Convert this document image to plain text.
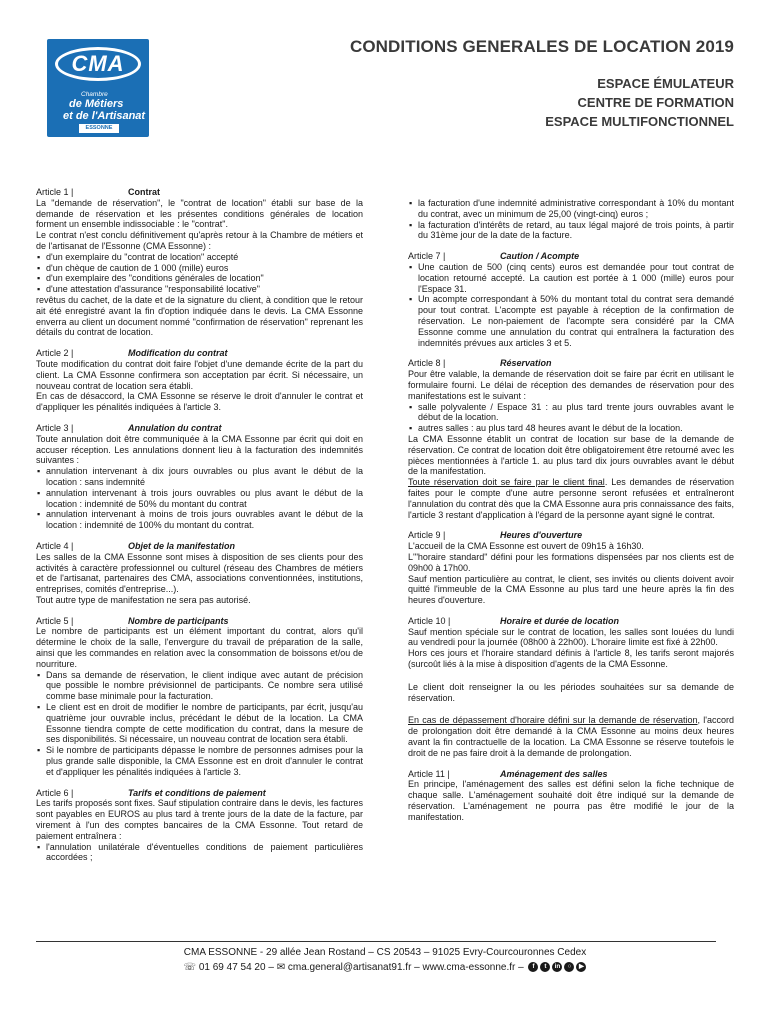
CMA
Chambre
de Métiers
et de l'Artisanat
ESSONNE
CONDITIONS GENERALES DE LOCATION 2019
ESPACE ÉMULATEUR
CENTRE DE FORMATION
ESPACE MULTIFONCTIONNEL
Article 1 |	Contrat
La "demande de réservation", le "contrat de location" établi sur base de la demande de réservation et les présentes conditions générales de location forment un ensemble indissociable : le "contrat".
Le contrat n'est conclu définitivement qu'après retour à la Chambre de métiers et de l'artisanat de l'Essonne (CMA Essonne) :
▪ d'un exemplaire du "contrat de location" accepté
▪ d'un chèque de caution de 1 000 (mille) euros
▪ d'un exemplaire des "conditions générales de location"
▪ d'une attestation d'assurance "responsabilité locative"
revêtus du cachet, de la date et de la signature du client, à condition que le retour ait été enregistré avant la fin d'option indiquée dans le devis. La CMA Essonne enverra au client un document nommé "confirmation de réservation" reprenant les détails du contrat de location.
Article 2 |	Modification du contrat
Toute modification du contrat doit faire l'objet d'une demande écrite de la part du client. La CMA Essonne confirmera son acceptation par écrit. Si nécessaire, un nouveau contrat de location sera établi.
En cas de désaccord, la CMA Essonne se réserve le droit d'annuler le contrat et d'appliquer les pénalités indiquées à l'article 3.
Article 3 |	Annulation du contrat
Toute annulation doit être communiquée à la CMA Essonne par écrit qui doit en accuser réception. Les annulations donnent lieu à la facturation des indemnités suivantes :
▪ annulation intervenant à dix jours ouvrables ou plus avant le début de la location : sans indemnité
▪ annulation intervenant à trois jours ouvrables ou plus avant le début de la location : indemnité de 50% du montant du contrat
▪ annulation intervenant à moins de trois jours ouvrables avant le début de la location : indemnité de 100% du montant du contrat.
Article 4 |	Objet de la manifestation
Les salles de la CMA Essonne sont mises à disposition de ses clients pour des activités à caractère professionnel ou culturel (réseau des Chambres de métiers et de l'artisanat, partenaires des CMA, associations conventionnées, institutions, entreprises, comités d'entreprise...).
Tout autre type de manifestation ne sera pas autorisé.
Article 5 |	Nombre de participants
Le nombre de participants est un élément important du contrat, alors qu'il détermine le choix de la salle, l'envergure du travail de préparation de la salle, ainsi que les commandes en relation avec la consommation de boissons et/ou de nourriture.
▪ Dans sa demande de réservation, le client indique avec autant de précision que possible le nombre prévisionnel de participants. Ce nombre sera utilisé comme base minimale pour la facturation.
▪ Le client est en droit de modifier le nombre de participants, par écrit, jusqu'au quatrième jour ouvrable inclus, précédant le début de la location. La CMA Essonne tiendra compte de cette modification du contrat, dans la mesure de ses disponibilités. Si nécessaire, un nouveau contrat de location sera établi.
▪ Si le nombre de participants dépasse le nombre de personnes admises pour la plus grande salle disponible, la CMA Essonne est en droit d'annuler le contrat et d'appliquer les pénalités indiquées à l'article 3.
Article 6 |	Tarifs et conditions de paiement
Les tarifs proposés sont fixes. Sauf stipulation contraire dans le devis, les factures sont payables en EUROS au plus tard à trente jours de la date de la facture, par virement à l'un des comptes bancaires de la CMA Essonne. Tout retard de paiement entraînera :
▪ l'annulation unilatérale d'éventuelles conditions de paiement particulières accordées ;
▪ la facturation d'une indemnité administrative correspondant à 10% du montant du contrat, avec un minimum de 25,00 (vingt-cinq) euros ;
▪ la facturation d'intérêts de retard, au taux légal majoré de trois points, à partir du 31ème jour de la date de la facture.
Article 7 |	Caution / Acompte
▪ Une caution de 500 (cinq cents) euros est demandée pour tout contrat de location retourné accepté. La caution est portée à 1 000 (mille) euros pour l'Espace 31.
▪ Un acompte correspondant à 50% du montant total du contrat sera demandé pour tout contrat. L'acompte est payable à réception de la confirmation de réservation. Le non-paiement de l'acompte sera considéré par la CMA Essonne comme une annulation du contrat qui entraînera la facturation des indemnités prévues aux articles 3 et 5.
Article 8 |	Réservation
Pour être valable, la demande de réservation doit se faire par écrit en utilisant le formulaire fourni. Le délai de réception des demandes de réservation pour des manifestations est le suivant :
▪ salle polyvalente / Espace 31 : au plus tard trente jours ouvrables avant le début de la location.
▪ autres salles : au plus tard 48 heures avant le début de la location.
La CMA Essonne établit un contrat de location sur base de la demande de réservation. Ce contrat de location doit être obligatoirement être retourné avec les pièces mentionnées à l'article 1. au plus tard dix jours ouvrables avant le début de la manifestation.
Toute réservation doit se faire par le client final. Les demandes de réservation faites pour le compte d'une autre personne seront refusées et entraîneront l'annulation du contrat dès que la CMA Essonne aura pris connaissance des faits, l'article 3 restant d'application à l'égard de la personne ayant signé le contrat.
Article 9 |	Heures d'ouverture
L'accueil de la CMA Essonne est ouvert de 09h15 à 16h30.
L'"horaire standard" défini pour les formations dispensées par nos clients est de 09h00 à 17h00.
Sauf mention particulière au contrat, le client, ses invités ou clients doivent avoir quitté l'immeuble de la CMA Essonne au plus tard une heure après la fin des heures d'ouverture.
Article 10 |	Horaire et durée de location
Sauf mention spéciale sur le contrat de location, les salles sont louées du lundi au vendredi pour la journée (08h00 à 22h00). L'horaire limite est fixé à 22h00.
Hors ces jours et l'horaire standard définis à l'article 8, les tarifs seront majorés (surcoût liés à la mise à disposition d'agents de la CMA Essonne.
Le client doit renseigner la ou les périodes souhaitées sur sa demande de réservation.
En cas de dépassement d'horaire défini sur la demande de réservation, l'accord de prolongation doit être demandé à la CMA Essonne au moins deux heures avant la fin contractuelle de la location. La CMA Essonne se réserve toutefois le droit de ne pas faire droit à la demande de prolongation.
Article 11 |	Aménagement des salles
En principe, l'aménagement des salles est défini selon la fiche technique de chaque salle. L'aménagement souhaité doit être indiqué sur la demande de réservation. L'aménagement ne pourra pas être modifié le jour de la manifestation.
CMA ESSONNE - 29 allée Jean Rostand – CS 20543 – 91025 Evry-Courcouronnes Cedex
☏ 01 69 47 54 20 – ✉ cma.general@artisanat91.fr – www.cma-essonne.fr – f t in ○ ▶
